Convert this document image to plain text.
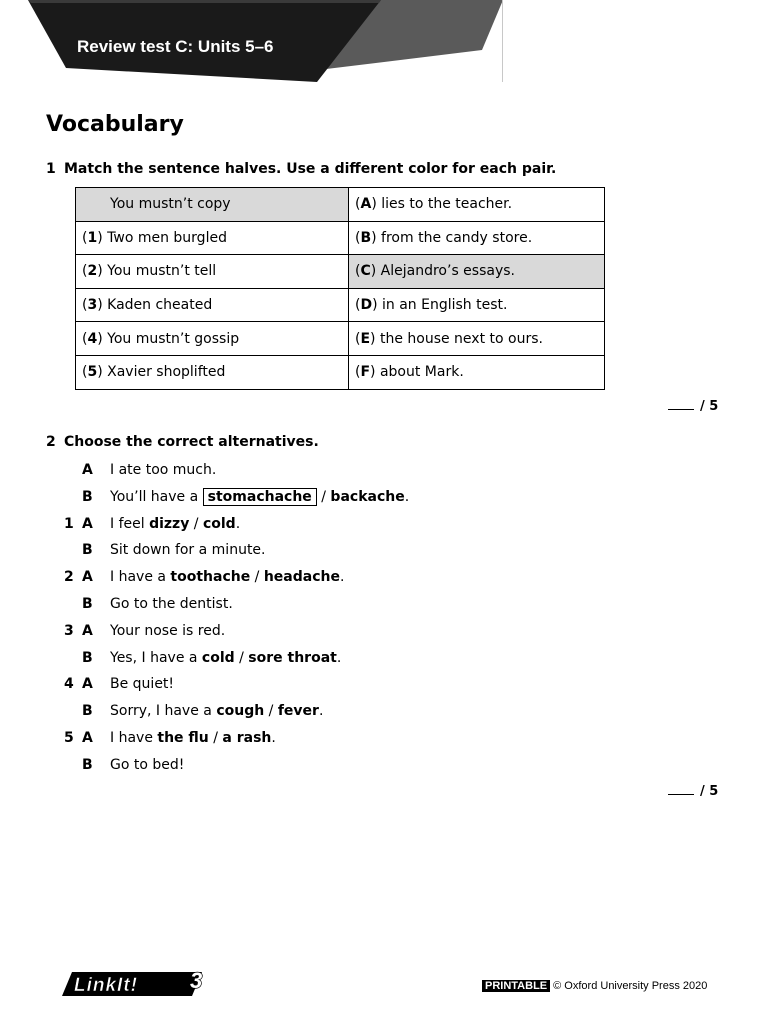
Review test C: Units 5–6
Vocabulary
1 Match the sentence halves. Use a different color for each pair.
You mustn’t copy	(A) lies to the teacher.
(1) Two men burgled	(B) from the candy store.
(2) You mustn’t tell	(C) Alejandro’s essays.
(3) Kaden cheated	(D) in an English test.
(4) You mustn’t gossip	(E) the house next to ours.
(5) Xavier shoplifted	(F) about Mark.
/ 5
2 Choose the correct alternatives.
A I ate too much.
B You’ll have a stomachache / backache.
1 A I feel dizzy / cold.
B Sit down for a minute.
2 A I have a toothache / headache.
B Go to the dentist.
3 A Your nose is red.
B Yes, I have a cold / sore throat.
4 A Be quiet!
B Sorry, I have a cough / fever.
5 A I have the flu / a rash.
B Go to bed!
/ 5
LinkIt! 3	PRINTABLE © Oxford University Press 2020
